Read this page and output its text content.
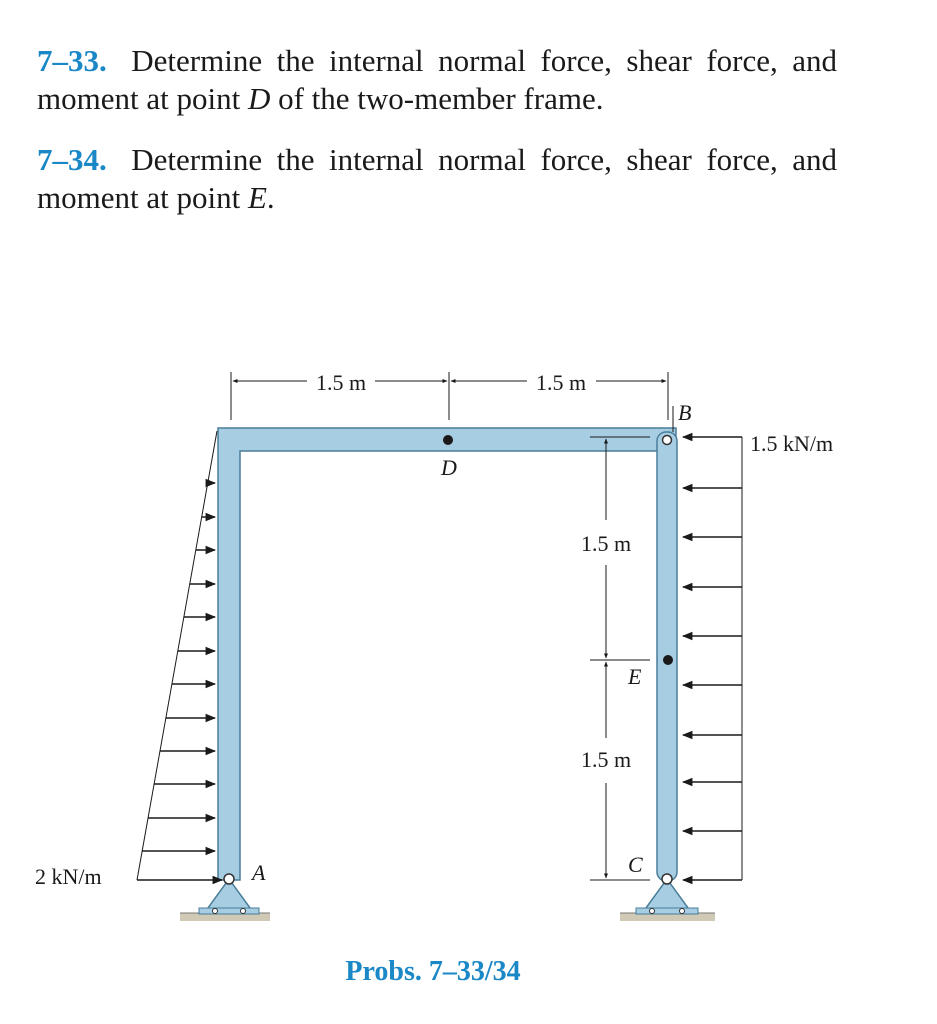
7–33. Determine the internal normal force, shear force, and moment at point D of the two-member frame.
7–34. Determine the internal normal force, shear force, and moment at point E.
1.5 m	1.5 m
1.5 m
1.5 m
2 kN/m
1.5 kN/m
A
B
C
D
E
Probs. 7–33/34
